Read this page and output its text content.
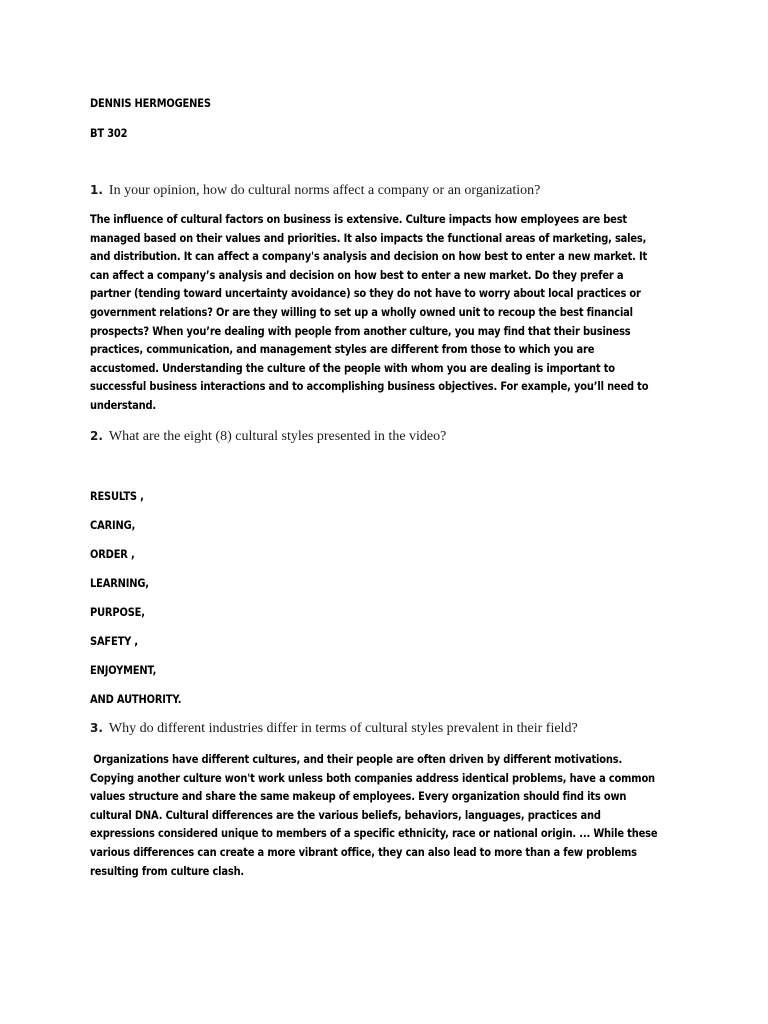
DENNIS HERMOGENES
BT 302
1. In your opinion, how do cultural norms affect a company or an organization?
The influence of cultural factors on business is extensive. Culture impacts how employees are best
managed based on their values and priorities. It also impacts the functional areas of marketing, sales,
and distribution. It can affect a company's analysis and decision on how best to enter a new market. It
can affect a company’s analysis and decision on how best to enter a new market. Do they prefer a
partner (tending toward uncertainty avoidance) so they do not have to worry about local practices or
government relations? Or are they willing to set up a wholly owned unit to recoup the best financial
prospects? When you’re dealing with people from another culture, you may find that their business
practices, communication, and management styles are different from those to which you are
accustomed. Understanding the culture of the people with whom you are dealing is important to
successful business interactions and to accomplishing business objectives. For example, you’ll need to
understand.
2. What are the eight (8) cultural styles presented in the video?
RESULTS ,
CARING,
ORDER ,
LEARNING,
PURPOSE,
SAFETY ,
ENJOYMENT,
AND AUTHORITY.
3. Why do different industries differ in terms of cultural styles prevalent in their field?
Organizations have different cultures, and their people are often driven by different motivations.
Copying another culture won't work unless both companies address identical problems, have a common
values structure and share the same makeup of employees. Every organization should find its own
cultural DNA. Cultural differences are the various beliefs, behaviors, languages, practices and
expressions considered unique to members of a specific ethnicity, race or national origin. ... While these
various differences can create a more vibrant office, they can also lead to more than a few problems
resulting from culture clash.
